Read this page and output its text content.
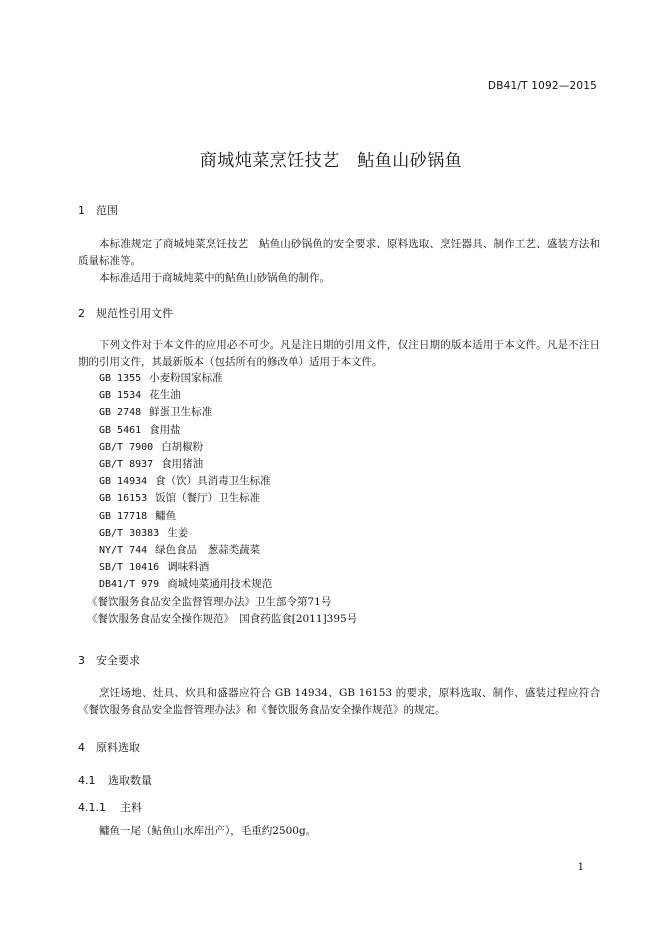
DB41/T 1092—2015
商城炖菜烹饪技艺　鲇鱼山砂锅鱼
1 范围

本标准规定了商城炖菜烹饪技艺　鲇鱼山砂锅鱼的安全要求、原料选取、烹饪器具、制作工艺、盛装方法和质量标准等。

本标准适用于商城炖菜中的鲇鱼山砂锅鱼的制作。

2 规范性引用文件

下列文件对于本文件的应用必不可少。凡是注日期的引用文件，仅注日期的版本适用于本文件。凡是不注日期的引用文件，其最新版本（包括所有的修改单）适用于本文件。

GB 1355 小麦粉国家标准
GB 1534 花生油
GB 2748 鲜蛋卫生标准
GB 5461 食用盐
GB/T 7900 白胡椒粉
GB/T 8937 食用猪油
GB 14934 食（饮）具消毒卫生标准
GB 16153 饭馆（餐厅）卫生标准
GB 17718 鳙鱼
GB/T 30383 生姜
NY/T 744 绿色食品　葱蒜类蔬菜
SB/T 10416 调味料酒
DB41/T 979 商城炖菜通用技术规范
《餐饮服务食品安全监督管理办法》卫生部令第71号
《餐饮服务食品安全操作规范》　国食药监食[2011]395号
3 安全要求

烹饪场地、灶具、炊具和盛器应符合 GB 14934、GB 16153 的要求，原料选取、制作、盛装过程应符合《餐饮服务食品安全监督管理办法》和《餐饮服务食品安全操作规范》的规定。

4 原料选取
4.1 选取数量
4.1.1 主料

鳙鱼一尾（鲇鱼山水库出产），毛重约2500g。

1
